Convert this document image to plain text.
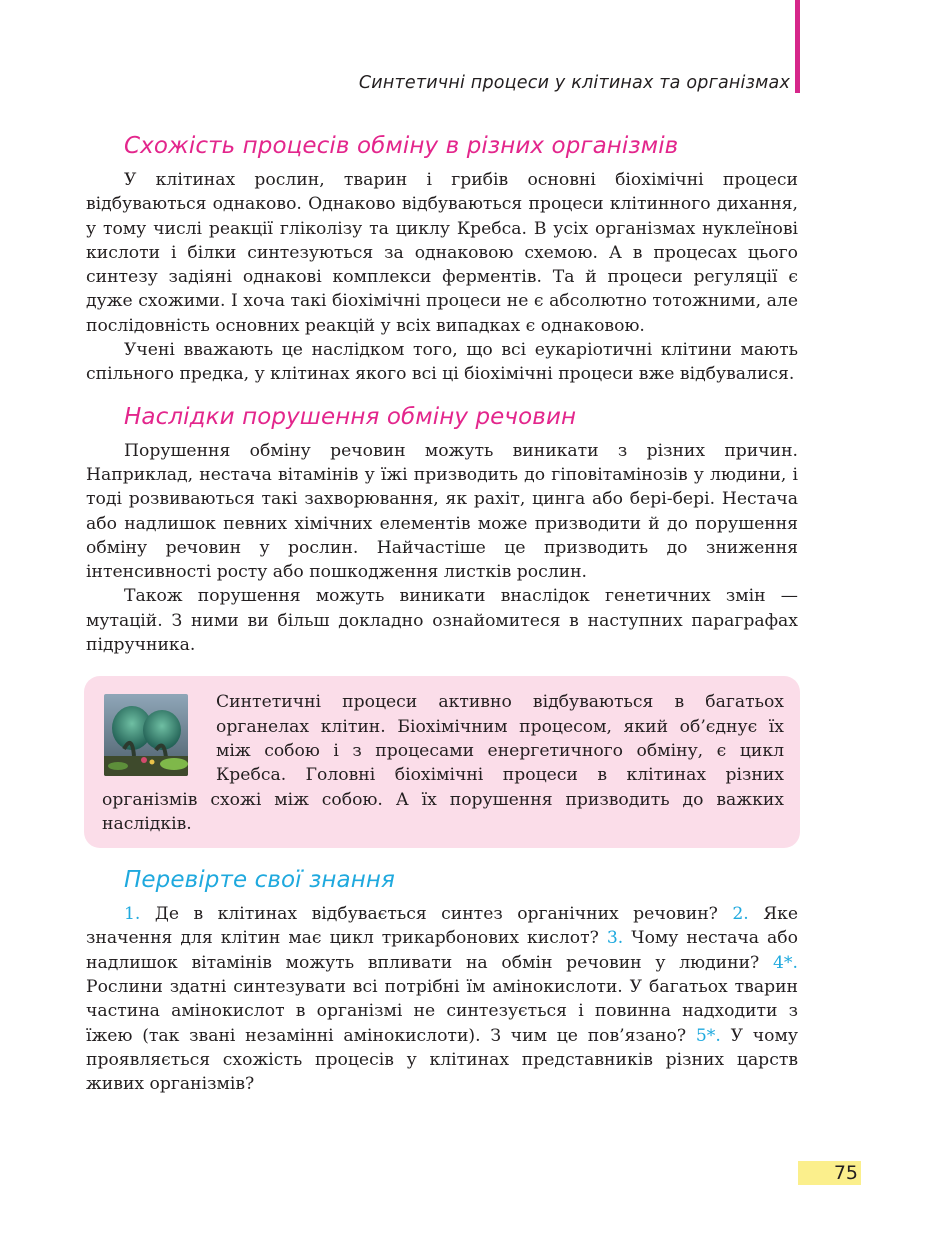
Синтетичні процеси у клітинах та організмах
Схожість процесів обміну в різних організмів

У клітинах рослин, тварин і грибів основні біохімічні процеси відбуваються однаково. Однаково відбуваються процеси клітинного дихання, у тому числі реакції гліколізу та циклу Кребса. В усіх організмах нуклеїнові кислоти і білки синтезуються за однаковою схемою. А в процесах цього синтезу задіяні однакові комплекси ферментів. Та й процеси регуляції є дуже схожими. І хоча такі біохімічні процеси не є абсолютно тотожними, але послідовність основних реакцій у всіх випадках є однаковою.

Учені вважають це наслідком того, що всі еукаріотичні клітини мають спільного предка, у клітинах якого всі ці біохімічні процеси вже відбувалися.

Наслідки порушення обміну речовин

Порушення обміну речовин можуть виникати з різних причин. Наприклад, нестача вітамінів у їжі призводить до гіповітамінозів у людини, і тоді розвиваються такі захворювання, як рахіт, цинга або бері-бері. Нестача або надлишок певних хімічних елементів може призводити й до порушення обміну речовин у рослин. Найчастіше це призводить до зниження інтенсивності росту або пошкодження листків рослин.

Також порушення можуть виникати внаслідок генетичних змін — мутацій. З ними ви більш докладно ознайомитеся в наступних параграфах підручника.

Синтетичні процеси активно відбуваються в багатьох органелах клітин. Біохімічним процесом, який об’єднує їх між собою і з процесами енергетичного обміну, є цикл Кребса. Головні біохімічні процеси в клітинах різних організмів схожі між собою. А їх порушення призводить до важких наслідків.

Перевірте свої знання

1. Де в клітинах відбувається синтез органічних речовин? 2. Яке значення для клітин має цикл трикарбонових кислот? 3. Чому нестача або надлишок вітамінів можуть впливати на обмін речовин у людини? 4*. Рослини здатні синтезувати всі потрібні їм амінокислоти. У багатьох тварин частина амінокислот в організмі не синтезується і повинна надходити з їжею (так звані незамінні амінокислоти). З чим це пов’язано? 5*. У чому проявляється схожість процесів у клітинах представників різних царств живих організмів?

75
